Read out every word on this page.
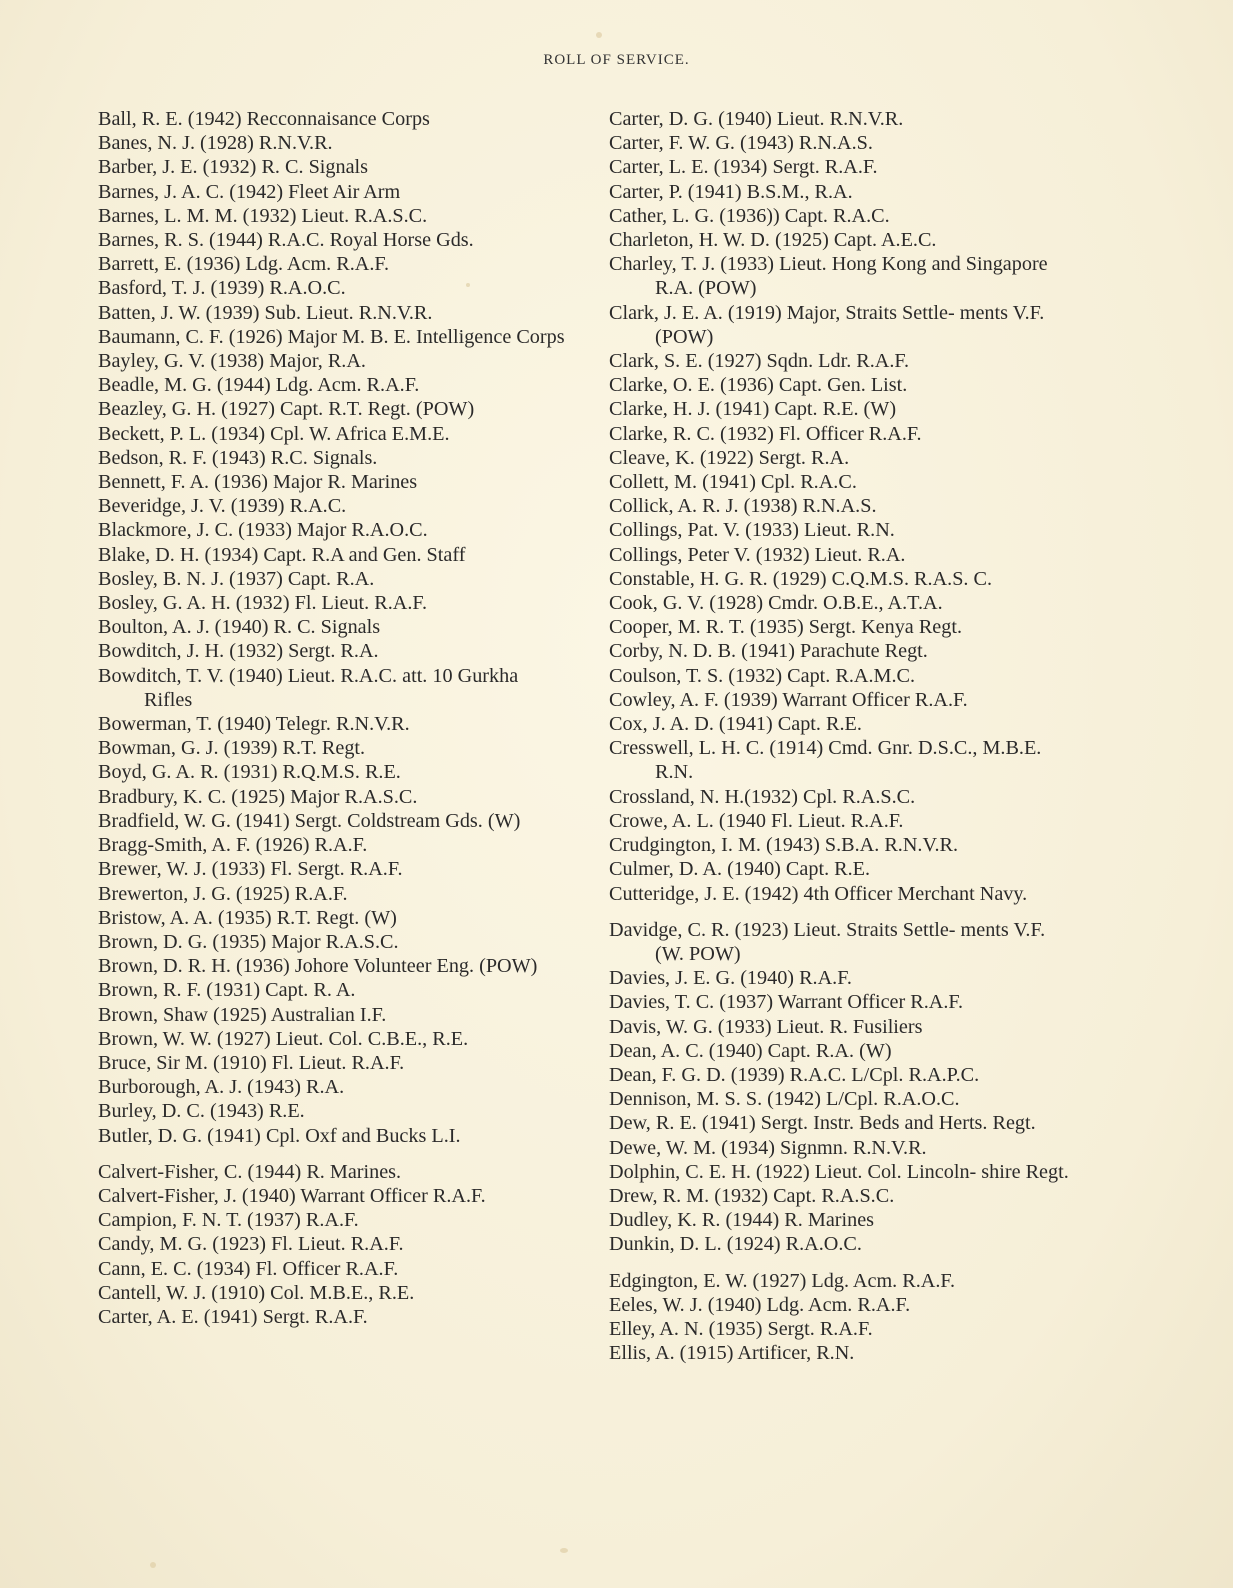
ROLL OF SERVICE.

Ball, R. E. (1942) Recconnaisance Corps

Banes, N. J. (1928) R.N.V.R.

Barber, J. E. (1932) R. C. Signals

Barnes, J. A. C. (1942) Fleet Air Arm

Barnes, L. M. M. (1932) Lieut. R.A.S.C.

Barnes, R. S. (1944) R.A.C. Royal Horse Gds.

Barrett, E. (1936) Ldg. Acm. R.A.F.

Basford, T. J. (1939) R.A.O.C.

Batten, J. W. (1939) Sub. Lieut. R.N.V.R.

Baumann, C. F. (1926) Major M. B. E. Intelligence Corps

Bayley, G. V. (1938) Major, R.A.

Beadle, M. G. (1944) Ldg. Acm. R.A.F.

Beazley, G. H. (1927) Capt. R.T. Regt. (POW)

Beckett, P. L. (1934) Cpl. W. Africa E.M.E.

Bedson, R. F. (1943) R.C. Signals.

Bennett, F. A. (1936) Major R. Marines

Beveridge, J. V. (1939) R.A.C.

Blackmore, J. C. (1933) Major R.A.O.C.

Blake, D. H. (1934) Capt. R.A and Gen. Staff

Bosley, B. N. J. (1937) Capt. R.A.

Bosley, G. A. H. (1932) Fl. Lieut. R.A.F.

Boulton, A. J. (1940) R. C. Signals

Bowditch, J. H. (1932) Sergt. R.A.

Bowditch, T. V. (1940) Lieut. R.A.C. att. 10 Gurkha Rifles

Bowerman, T. (1940) Telegr. R.N.V.R.

Bowman, G. J. (1939) R.T. Regt.

Boyd, G. A. R. (1931) R.Q.M.S. R.E.

Bradbury, K. C. (1925) Major R.A.S.C.

Bradfield, W. G. (1941) Sergt. Coldstream Gds. (W)

Bragg-Smith, A. F. (1926) R.A.F.

Brewer, W. J. (1933) Fl. Sergt. R.A.F.

Brewerton, J. G. (1925) R.A.F.

Bristow, A. A. (1935) R.T. Regt. (W)

Brown, D. G. (1935) Major R.A.S.C.

Brown, D. R. H. (1936) Johore Volunteer Eng. (POW)

Brown, R. F. (1931) Capt. R. A.

Brown, Shaw (1925) Australian I.F.

Brown, W. W. (1927) Lieut. Col. C.B.E., R.E.

Bruce, Sir M. (1910) Fl. Lieut. R.A.F.

Burborough, A. J. (1943) R.A.

Burley, D. C. (1943) R.E.

Butler, D. G. (1941) Cpl. Oxf and Bucks L.I.

Calvert-Fisher, C. (1944) R. Marines.

Calvert-Fisher, J. (1940) Warrant Officer R.A.F.

Campion, F. N. T. (1937) R.A.F.

Candy, M. G. (1923) Fl. Lieut. R.A.F.

Cann, E. C. (1934) Fl. Officer R.A.F.

Cantell, W. J. (1910) Col. M.B.E., R.E.

Carter, A. E. (1941) Sergt. R.A.F.

Carter, D. G. (1940) Lieut. R.N.V.R.

Carter, F. W. G. (1943) R.N.A.S.

Carter, L. E. (1934) Sergt. R.A.F.

Carter, P. (1941) B.S.M., R.A.

Cather, L. G. (1936)) Capt. R.A.C.

Charleton, H. W. D. (1925) Capt. A.E.C.

Charley, T. J. (1933) Lieut. Hong Kong and Singapore R.A. (POW)

Clark, J. E. A. (1919) Major, Straits Settle- ments V.F. (POW)

Clark, S. E. (1927) Sqdn. Ldr. R.A.F.

Clarke, O. E. (1936) Capt. Gen. List.

Clarke, H. J. (1941) Capt. R.E. (W)

Clarke, R. C. (1932) Fl. Officer R.A.F.

Cleave, K. (1922) Sergt. R.A.

Collett, M. (1941) Cpl. R.A.C.

Collick, A. R. J. (1938) R.N.A.S.

Collings, Pat. V. (1933) Lieut. R.N.

Collings, Peter V. (1932) Lieut. R.A.

Constable, H. G. R. (1929) C.Q.M.S. R.A.S. C.

Cook, G. V. (1928) Cmdr. O.B.E., A.T.A.

Cooper, M. R. T. (1935) Sergt. Kenya Regt.

Corby, N. D. B. (1941) Parachute Regt.

Coulson, T. S. (1932) Capt. R.A.M.C.

Cowley, A. F. (1939) Warrant Officer R.A.F.

Cox, J. A. D. (1941) Capt. R.E.

Cresswell, L. H. C. (1914) Cmd. Gnr. D.S.C., M.B.E. R.N.

Crossland, N. H.(1932) Cpl. R.A.S.C.

Crowe, A. L. (1940 Fl. Lieut. R.A.F.

Crudgington, I. M. (1943) S.B.A. R.N.V.R.

Culmer, D. A. (1940) Capt. R.E.

Cutteridge, J. E. (1942) 4th Officer Merchant Navy.

Davidge, C. R. (1923) Lieut. Straits Settle- ments V.F. (W. POW)

Davies, J. E. G. (1940) R.A.F.

Davies, T. C. (1937) Warrant Officer R.A.F.

Davis, W. G. (1933) Lieut. R. Fusiliers

Dean, A. C. (1940) Capt. R.A. (W)

Dean, F. G. D. (1939) R.A.C. L/Cpl. R.A.P.C.

Dennison, M. S. S. (1942) L/Cpl. R.A.O.C.

Dew, R. E. (1941) Sergt. Instr. Beds and Herts. Regt.

Dewe, W. M. (1934) Signmn. R.N.V.R.

Dolphin, C. E. H. (1922) Lieut. Col. Lincoln- shire Regt.

Drew, R. M. (1932) Capt. R.A.S.C.

Dudley, K. R. (1944) R. Marines

Dunkin, D. L. (1924) R.A.O.C.

Edgington, E. W. (1927) Ldg. Acm. R.A.F.

Eeles, W. J. (1940) Ldg. Acm. R.A.F.

Elley, A. N. (1935) Sergt. R.A.F.

Ellis, A. (1915) Artificer, R.N.
